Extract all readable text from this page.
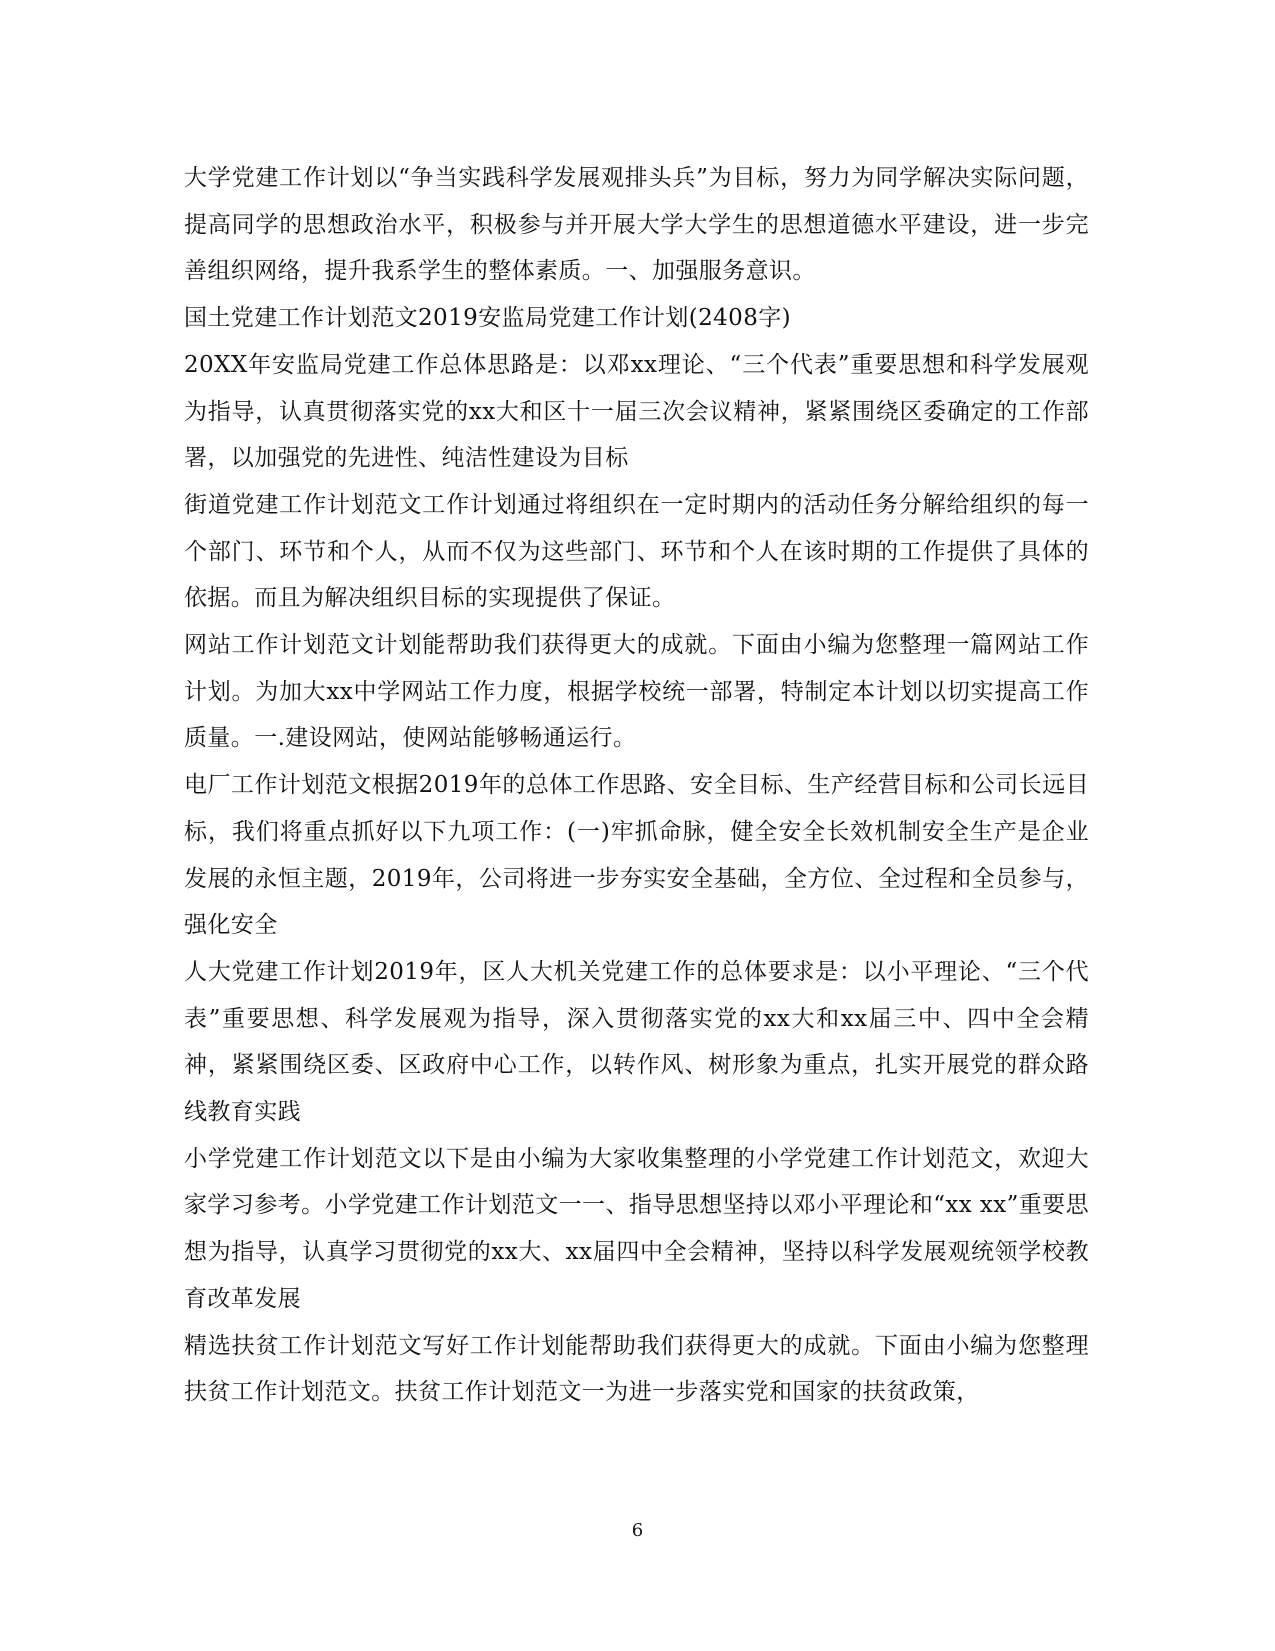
大学党建工作计划以“争当实践科学发展观排头兵”为目标，努力为同学解决实际问题，提高同学的思想政治水平，积极参与并开展大学大学生的思想道德水平建设，进一步完善组织网络，提升我系学生的整体素质。一、加强服务意识。

国土党建工作计划范文2019安监局党建工作计划(2408字)

20XX年安监局党建工作总体思路是：以邓xx理论、“三个代表”重要思想和科学发展观为指导，认真贯彻落实党的xx大和区十一届三次会议精神，紧紧围绕区委确定的工作部署，以加强党的先进性、纯洁性建设为目标

街道党建工作计划范文工作计划通过将组织在一定时期内的活动任务分解给组织的每一个部门、环节和个人，从而不仅为这些部门、环节和个人在该时期的工作提供了具体的依据。而且为解决组织目标的实现提供了保证。

网站工作计划范文计划能帮助我们获得更大的成就。下面由小编为您整理一篇网站工作计划。为加大xx中学网站工作力度，根据学校统一部署，特制定本计划以切实提高工作质量。一.建设网站，使网站能够畅通运行。

电厂工作计划范文根据2019年的总体工作思路、安全目标、生产经营目标和公司长远目标，我们将重点抓好以下九项工作：(一)牢抓命脉，健全安全长效机制安全生产是企业发展的永恒主题，2019年，公司将进一步夯实安全基础，全方位、全过程和全员参与，强化安全

人大党建工作计划2019年，区人大机关党建工作的总体要求是：以小平理论、“三个代表”重要思想、科学发展观为指导，深入贯彻落实党的xx大和xx届三中、四中全会精神，紧紧围绕区委、区政府中心工作，以转作风、树形象为重点，扎实开展党的群众路线教育实践

小学党建工作计划范文以下是由小编为大家收集整理的小学党建工作计划范文，欢迎大家学习参考。小学党建工作计划范文一一、指导思想坚持以邓小平理论和“xx xx”重要思想为指导，认真学习贯彻党的xx大、xx届四中全会精神，坚持以科学发展观统领学校教育改革发展

精选扶贫工作计划范文写好工作计划能帮助我们获得更大的成就。下面由小编为您整理扶贫工作计划范文。扶贫工作计划范文一为进一步落实党和国家的扶贫政策，

6
